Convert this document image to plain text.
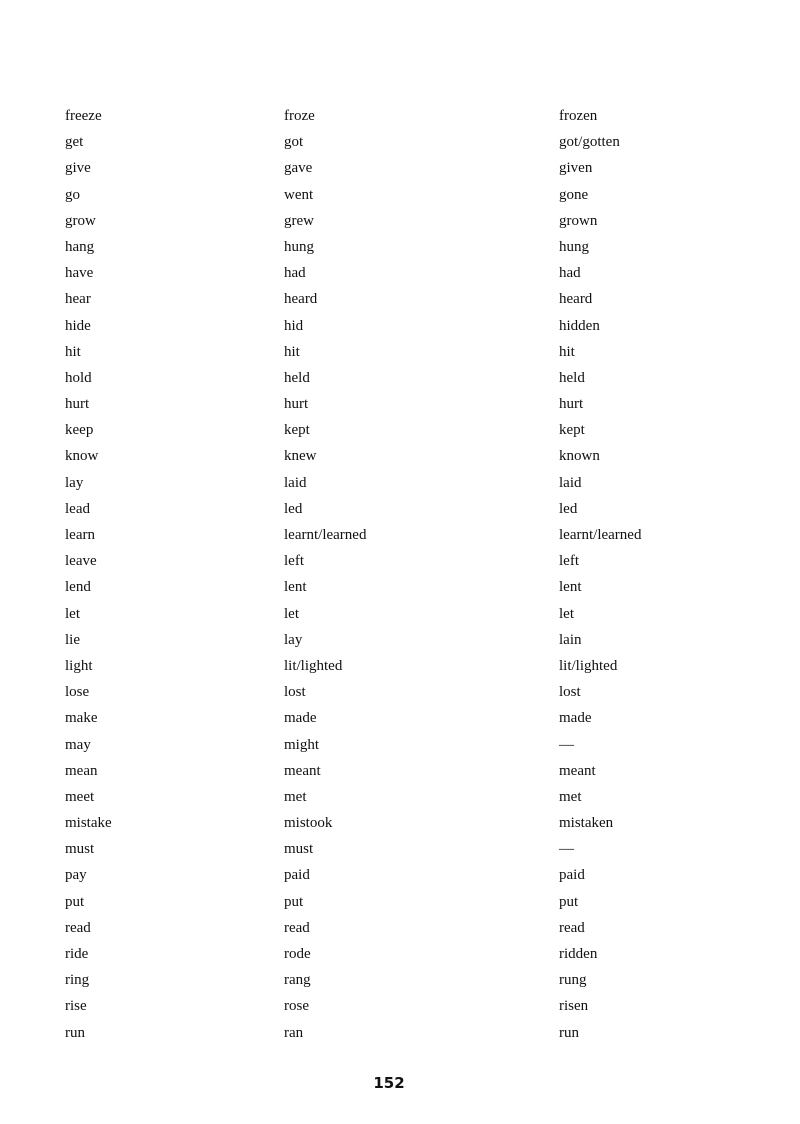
freeze	froze	frozen
get	got	got/gotten
give	gave	given
go	went	gone
grow	grew	grown
hang	hung	hung
have	had	had
hear	heard	heard
hide	hid	hidden
hit	hit	hit
hold	held	held
hurt	hurt	hurt
keep	kept	kept
know	knew	known
lay	laid	laid
lead	led	led
learn	learnt/learned	learnt/learned
leave	left	left
lend	lent	lent
let	let	let
lie	lay	lain
light	lit/lighted	lit/lighted
lose	lost	lost
make	made	made
may	might	—
mean	meant	meant
meet	met	met
mistake	mistook	mistaken
must	must	—
pay	paid	paid
put	put	put
read	read	read
ride	rode	ridden
ring	rang	rung
rise	rose	risen
run	ran	run
152
